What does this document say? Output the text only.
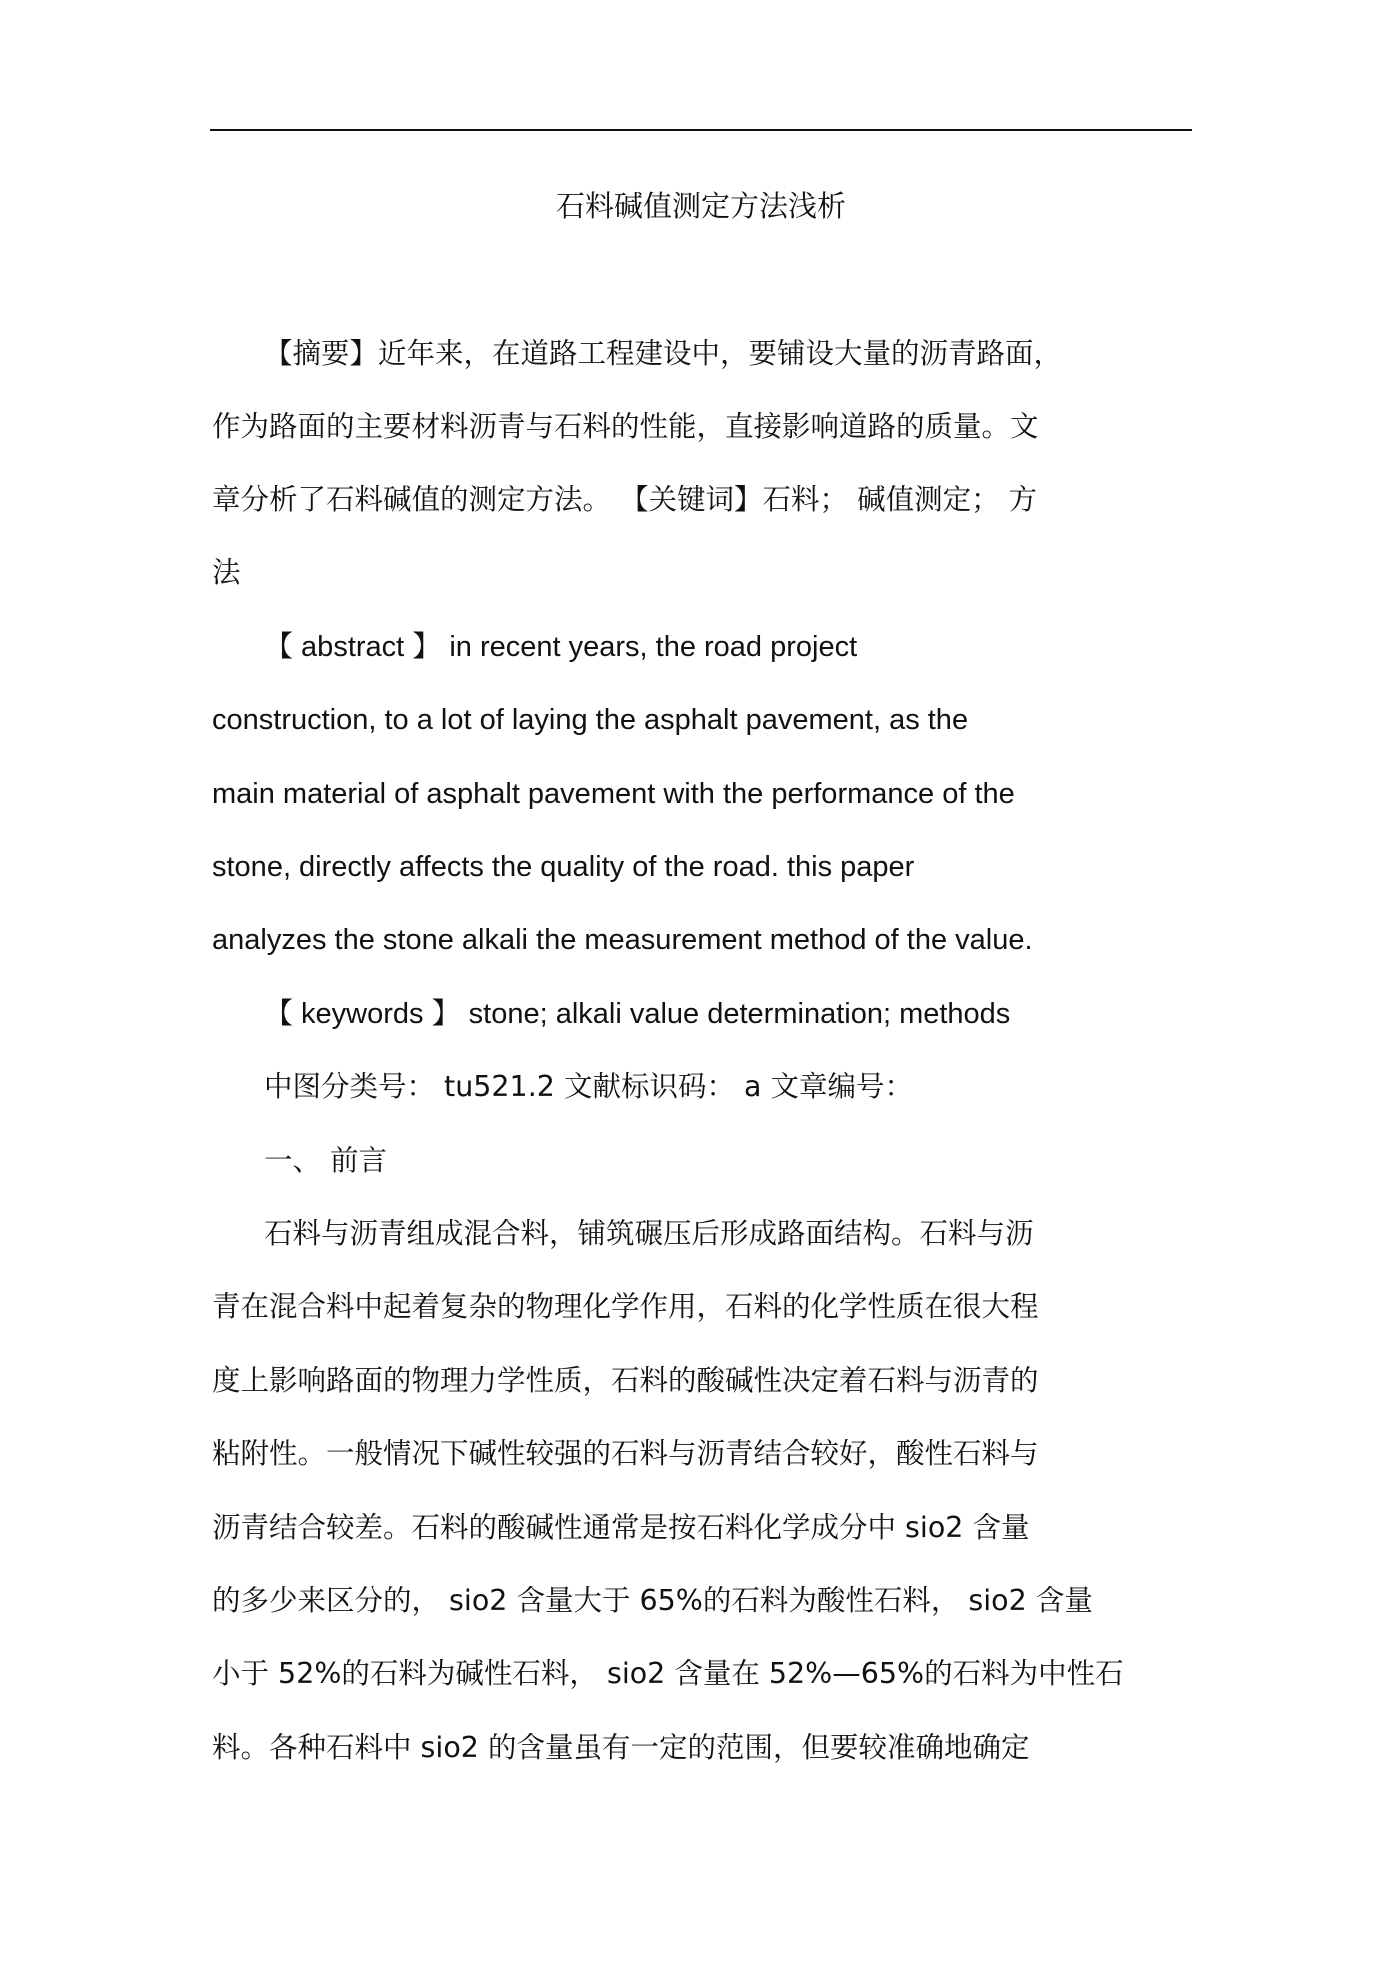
石料碱值测定方法浅析
【摘要】近年来，在道路工程建设中，要铺设大量的沥青路面，
作为路面的主要材料沥青与石料的性能，直接影响道路的质量。文
章分析了石料碱值的测定方法。 【关键词】石料； 碱值测定； 方
法
【 abstract 】 in recent years, the road project
construction, to a lot of laying the asphalt pavement, as the
main material of asphalt pavement with the performance of the
stone, directly affects the quality of the road. this paper
analyzes the stone alkali the measurement method of the value.
【 keywords 】 stone; alkali value determination; methods
中图分类号： tu521.2 文献标识码： a 文章编号：
一、 前言
石料与沥青组成混合料，铺筑碾压后形成路面结构。石料与沥
青在混合料中起着复杂的物理化学作用，石料的化学性质在很大程
度上影响路面的物理力学性质，石料的酸碱性决定着石料与沥青的
粘附性。一般情况下碱性较强的石料与沥青结合较好，酸性石料与
沥青结合较差。石料的酸碱性通常是按石料化学成分中 sio2 含量
的多少来区分的， sio2 含量大于 65%的石料为酸性石料， sio2 含量
小于 52%的石料为碱性石料， sio2 含量在 52%—65%的石料为中性石
料。各种石料中 sio2 的含量虽有一定的范围，但要较准确地确定
